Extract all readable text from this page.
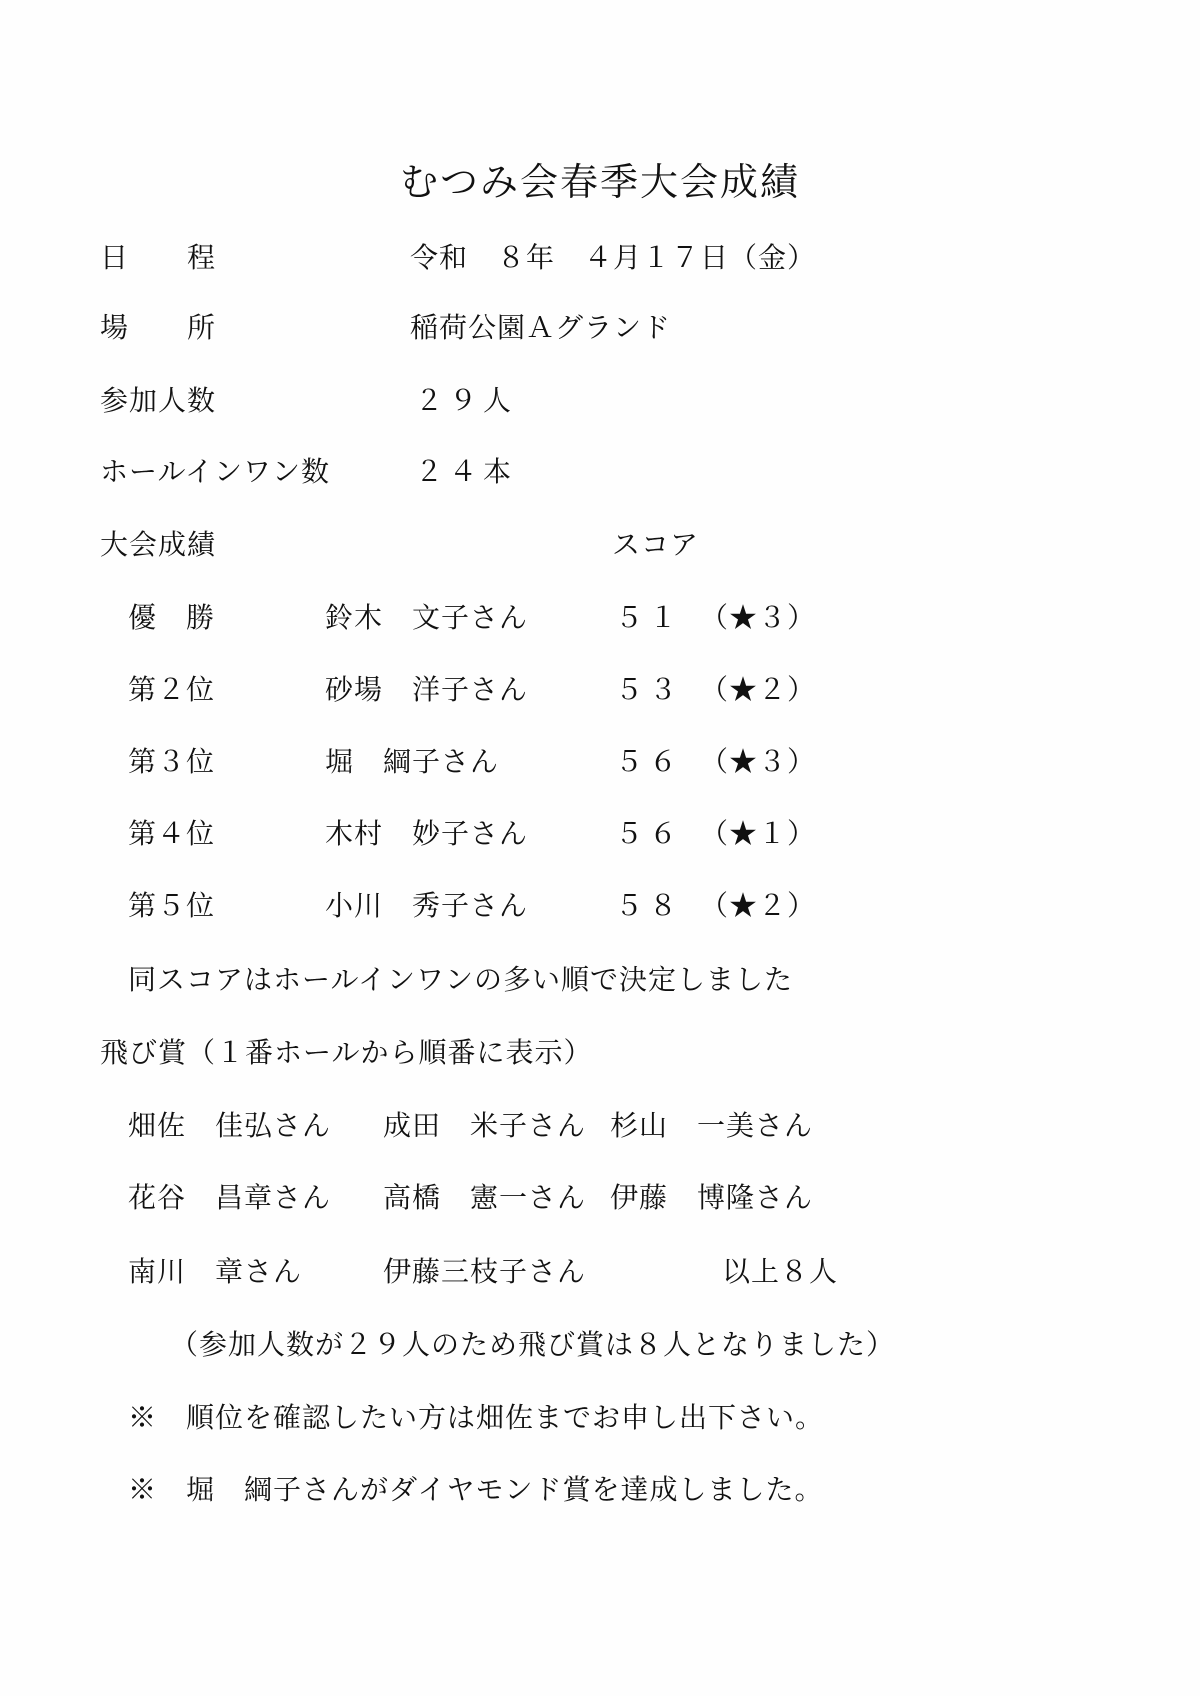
むつみ会春季大会成績
日　　程	令和　８年　４月１７日（金）
場　　所	稲荷公園Ａグランド
参加人数	２９人
ホールインワン数	２４本
大会成績	スコア
優　勝	鈴木　文子さん	５１ （★３）
第２位	砂場　洋子さん	５３ （★２）
第３位	堀　綱子さん	５６ （★３）
第４位	木村　妙子さん	５６ （★１）
第５位	小川　秀子さん	５８ （★２）
同スコアはホールインワンの多い順で決定しました
飛び賞（１番ホールから順番に表示）
畑佐　佳弘さん 成田　米子さん 杉山　一美さん
花谷　昌章さん 高橋　憲一さん 伊藤　博隆さん
南川　章さん	伊藤三枝子さん	以上８人
（参加人数が２９人のため飛び賞は８人となりました）
※　順位を確認したい方は畑佐までお申し出下さい。
※　堀　綱子さんがダイヤモンド賞を達成しました。
